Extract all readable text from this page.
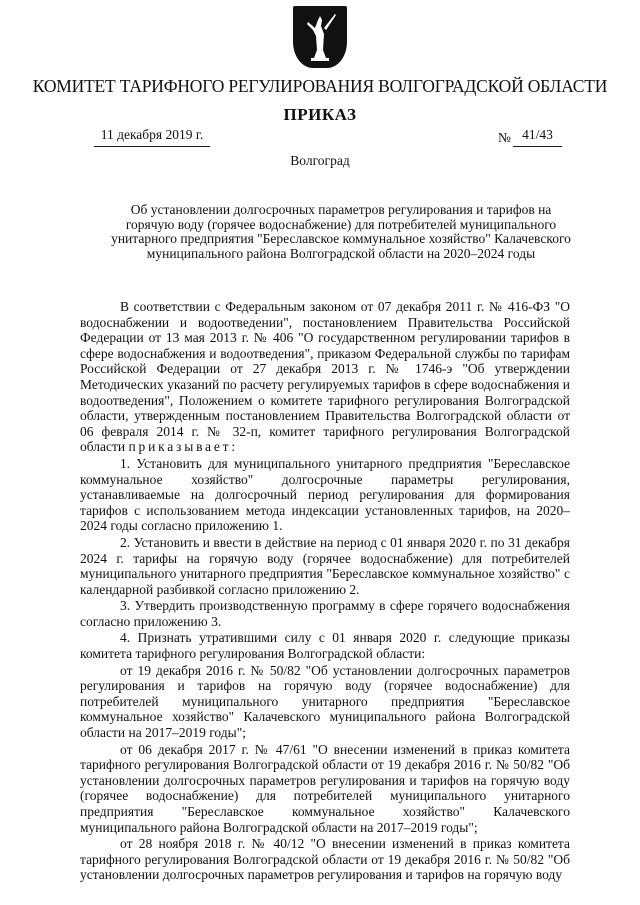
КОМИТЕТ ТАРИФНОГО РЕГУЛИРОВАНИЯ ВОЛГОГРАДСКОЙ ОБЛАСТИ
ПРИКАЗ
11 декабря 2019 г.	№ 41/43
Волгоград
Об установлении долгосрочных параметров регулирования и тарифов на горячую воду (горячее водоснабжение) для потребителей муниципального унитарного предприятия "Береславское коммунальное хозяйство" Калачевского муниципального района Волгоградской области на 2020–2024 годы

В соответствии с Федеральным законом от 07 декабря 2011 г. № 416-ФЗ "О водоснабжении и водоотведении", постановлением Правительства Российской Федерации от 13 мая 2013 г. № 406 "О государственном регулировании тарифов в сфере водоснабжения и водоотведения", приказом Федеральной службы по тарифам Российской Федерации от 27 декабря 2013 г. № 1746-э "Об утверждении Методических указаний по расчету регулируемых тарифов в сфере водоснабжения и водоотведения", Положением о комитете тарифного регулирования Волгоградской области, утвержденным постановлением Правительства Волгоградской области от 06 февраля 2014 г. № 32-п, комитет тарифного регулирования Волгоградской области приказывает:

1. Установить для муниципального унитарного предприятия "Береславское коммунальное хозяйство" долгосрочные параметры регулирования, устанавливаемые на долгосрочный период регулирования для формирования тарифов с использованием метода индексации установленных тарифов, на 2020–2024 годы согласно приложению 1.

2. Установить и ввести в действие на период с 01 января 2020 г. по 31 декабря 2024 г. тарифы на горячую воду (горячее водоснабжение) для потребителей муниципального унитарного предприятия "Береславское коммунальное хозяйство" с календарной разбивкой согласно приложению 2.

3. Утвердить производственную программу в сфере горячего водоснабжения согласно приложению 3.

4. Признать утратившими силу с 01 января 2020 г. следующие приказы комитета тарифного регулирования Волгоградской области:

от 19 декабря 2016 г. № 50/82 "Об установлении долгосрочных параметров регулирования и тарифов на горячую воду (горячее водоснабжение) для потребителей муниципального унитарного предприятия "Береславское коммунальное хозяйство" Калачевского муниципального района Волгоградской области на 2017–2019 годы";

от 06 декабря 2017 г. № 47/61 "О внесении изменений в приказ комитета тарифного регулирования Волгоградской области от 19 декабря 2016 г. № 50/82 "Об установлении долгосрочных параметров регулирования и тарифов на горячую воду (горячее водоснабжение) для потребителей муниципального унитарного предприятия "Береславское коммунальное хозяйство" Калачевского муниципального района Волгоградской области на 2017–2019 годы";

от 28 ноября 2018 г. № 40/12 "О внесении изменений в приказ комитета тарифного регулирования Волгоградской области от 19 декабря 2016 г. № 50/82 "Об установлении долгосрочных параметров регулирования и тарифов на горячую воду
